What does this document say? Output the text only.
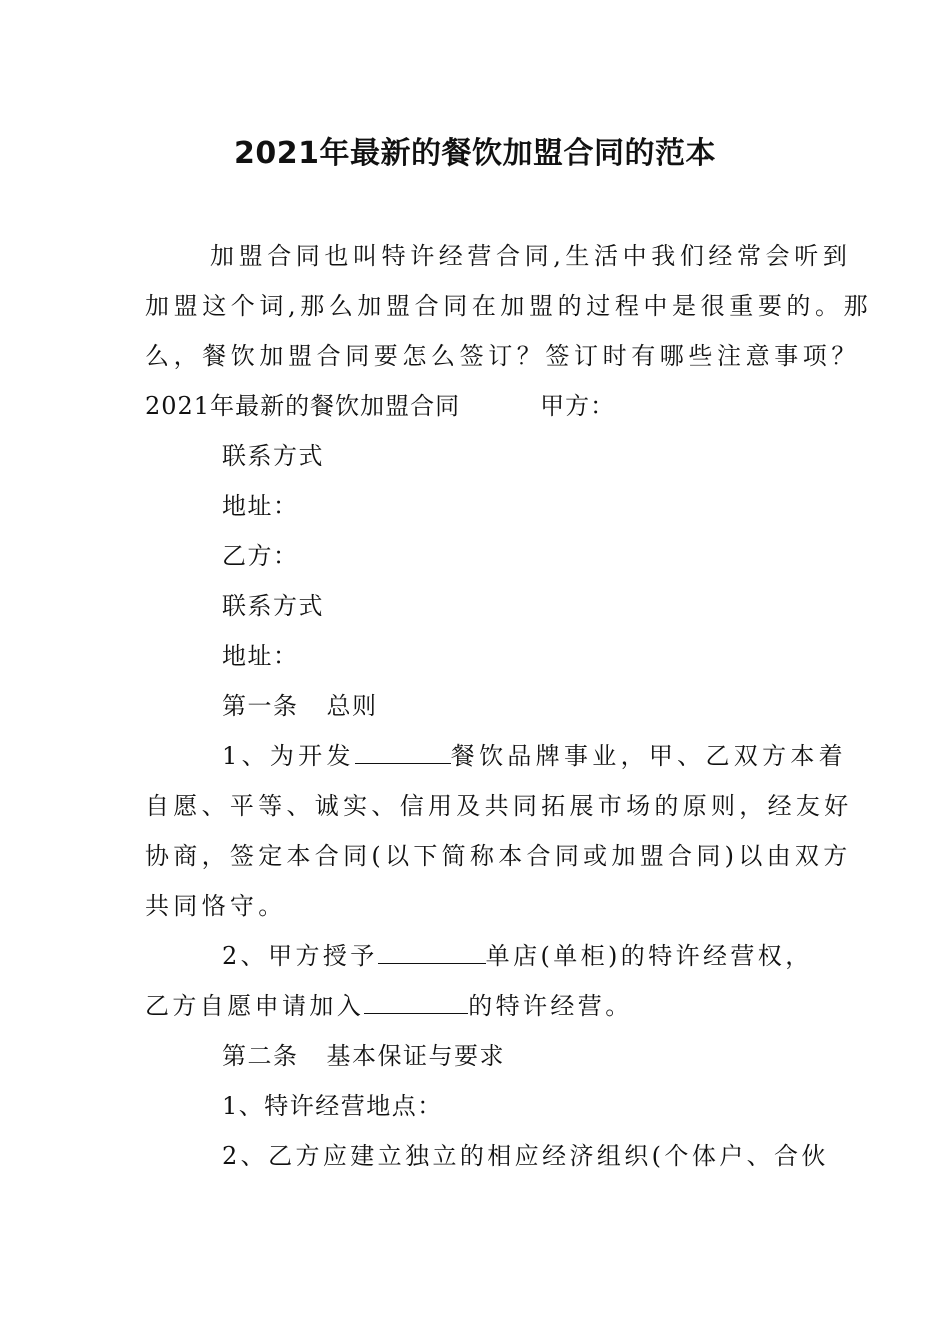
2021年最新的餐饮加盟合同的范本

加盟合同也叫特许经营合同,生活中我们经常会听到

加盟这个词,那么加盟合同在加盟的过程中是很重要的。那

么，餐饮加盟合同要怎么签订？签订时有哪些注意事项？

2021年最新的餐饮加盟合同	甲方：

联系方式

地址：

乙方：

联系方式

地址：

第一条 总则

1、为开发	餐饮品牌事业，甲、乙双方本着

自愿、平等、诚实、信用及共同拓展市场的原则，经友好

协商，签定本合同(以下简称本合同或加盟合同)以由双方

共同恪守。

2、甲方授予	单店(单柜)的特许经营权，

乙方自愿申请加入	的特许经营。

第二条 基本保证与要求

1、特许经营地点：

2、乙方应建立独立的相应经济组织(个体户、合伙
